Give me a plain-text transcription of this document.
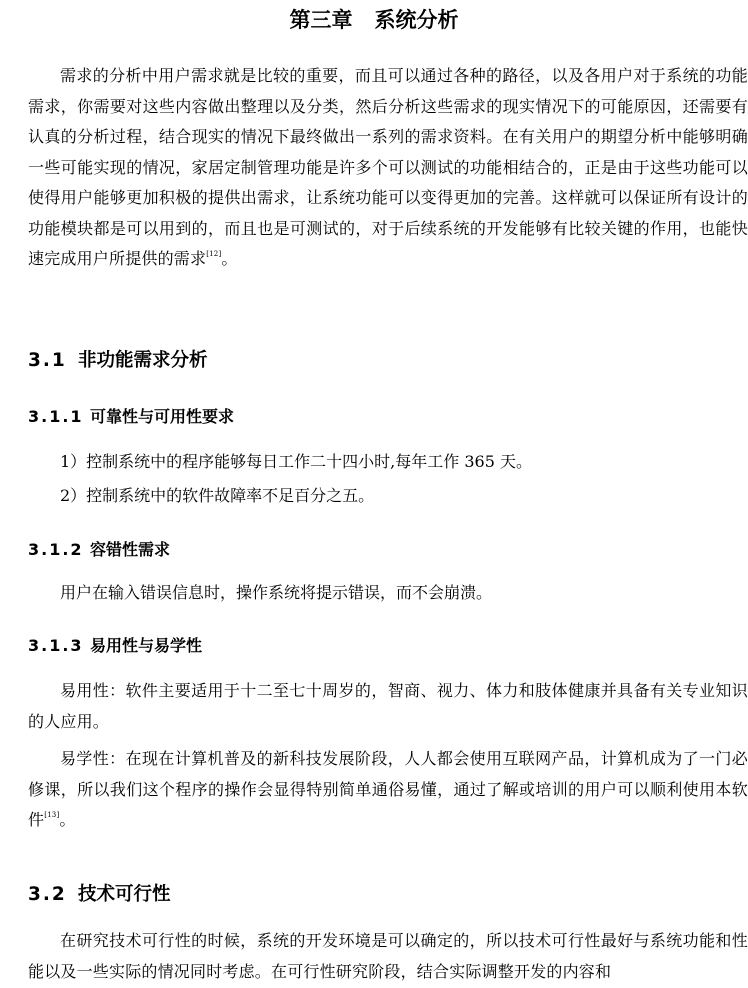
第三章 系统分析

需求的分析中用户需求就是比较的重要，而且可以通过各种的路径，以及各用户对于系统的功能需求，你需要对这些内容做出整理以及分类，然后分析这些需求的现实情况下的可能原因，还需要有认真的分析过程，结合现实的情况下最终做出一系列的需求资料。在有关用户的期望分析中能够明确一些可能实现的情况，家居定制管理功能是许多个可以测试的功能相结合的，正是由于这些功能可以使得用户能够更加积极的提供出需求，让系统功能可以变得更加的完善。这样就可以保证所有设计的功能模块都是可以用到的，而且也是可测试的，对于后续系统的开发能够有比较关键的作用，也能快速完成用户所提供的需求[12]。

3.1 非功能需求分析
3.1.1 可靠性与可用性要求
1）控制系统中的程序能够每日工作二十四小时,每年工作 365 天。
2）控制系统中的软件故障率不足百分之五。
3.1.2 容错性需求
用户在输入错误信息时，操作系统将提示错误，而不会崩溃。
3.1.3 易用性与易学性

易用性：软件主要适用于十二至七十周岁的，智商、视力、体力和肢体健康并具备有关专业知识的人应用。

易学性：在现在计算机普及的新科技发展阶段，人人都会使用互联网产品，计算机成为了一门必修课，所以我们这个程序的操作会显得特别简单通俗易懂，通过了解或培训的用户可以顺利使用本软件[13]。

3.2 技术可行性

在研究技术可行性的时候，系统的开发环境是可以确定的，所以技术可行性最好与系统功能和性能以及一些实际的情况同时考虑。在可行性研究阶段，结合实际调整开发的内容和
